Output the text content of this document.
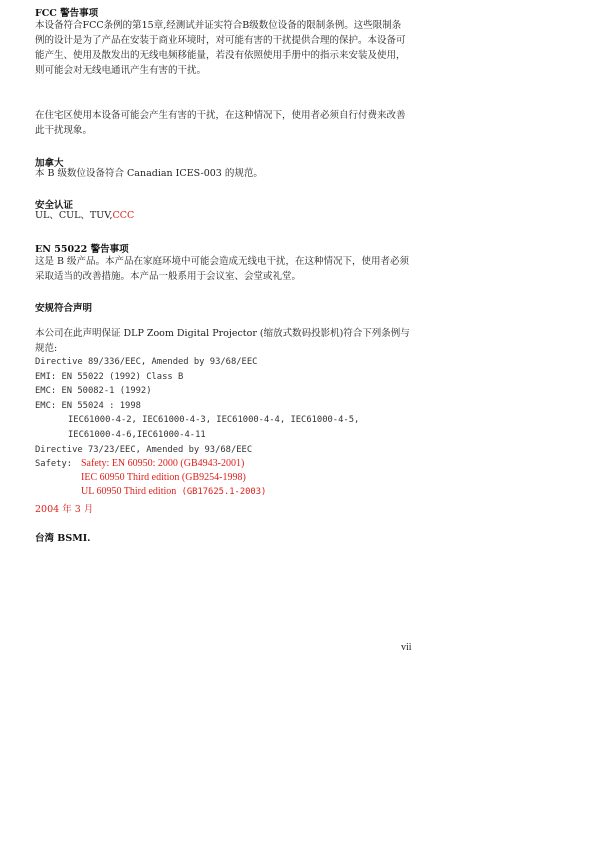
FCC 警告事项
本设备符合FCC条例的第15章,经测试并证实符合B级数位设备的限制条例。这些限制条例的设计是为了产品在安装于商业环境时，对可能有害的干扰提供合理的保护。本设备可能产生、使用及散发出的无线电频移能量，若没有依照使用手册中的指示来安装及使用，则可能会对无线电通讯产生有害的干扰。
在住宅区使用本设备可能会产生有害的干扰，在这种情况下，使用者必须自行付费来改善此干扰现象。
加拿大
本 B 级数位设备符合 Canadian ICES-003 的规范。
安全认证
UL、CUL、TUV,CCC
EN 55022 警告事项
这是 B 级产品。本产品在家庭环境中可能会造成无线电干扰，在这种情况下，使用者必须采取适当的改善措施。本产品一般系用于会议室、会堂或礼堂。
安规符合声明
本公司在此声明保证 DLP Zoom Digital Projector (缩放式数码投影机)符合下列条例与规范:
Directive 89/336/EEC, Amended by 93/68/EEC
EMI: EN 55022 (1992) Class B
EMC: EN 50082-1 (1992)
EMC: EN 55024 : 1998
IEC61000-4-2, IEC61000-4-3, IEC61000-4-4, IEC61000-4-5,
IEC61000-4-6,IEC61000-4-11
Directive 73/23/EEC, Amended by 93/68/EEC
Safety: Safety: EN 60950: 2000 (GB4943-2001)
IEC 60950 Third edition (GB9254-1998)
UL 60950 Third edition (GB17625.1-2003)
2004 年 3 月
台湾 BSMI.
vii
